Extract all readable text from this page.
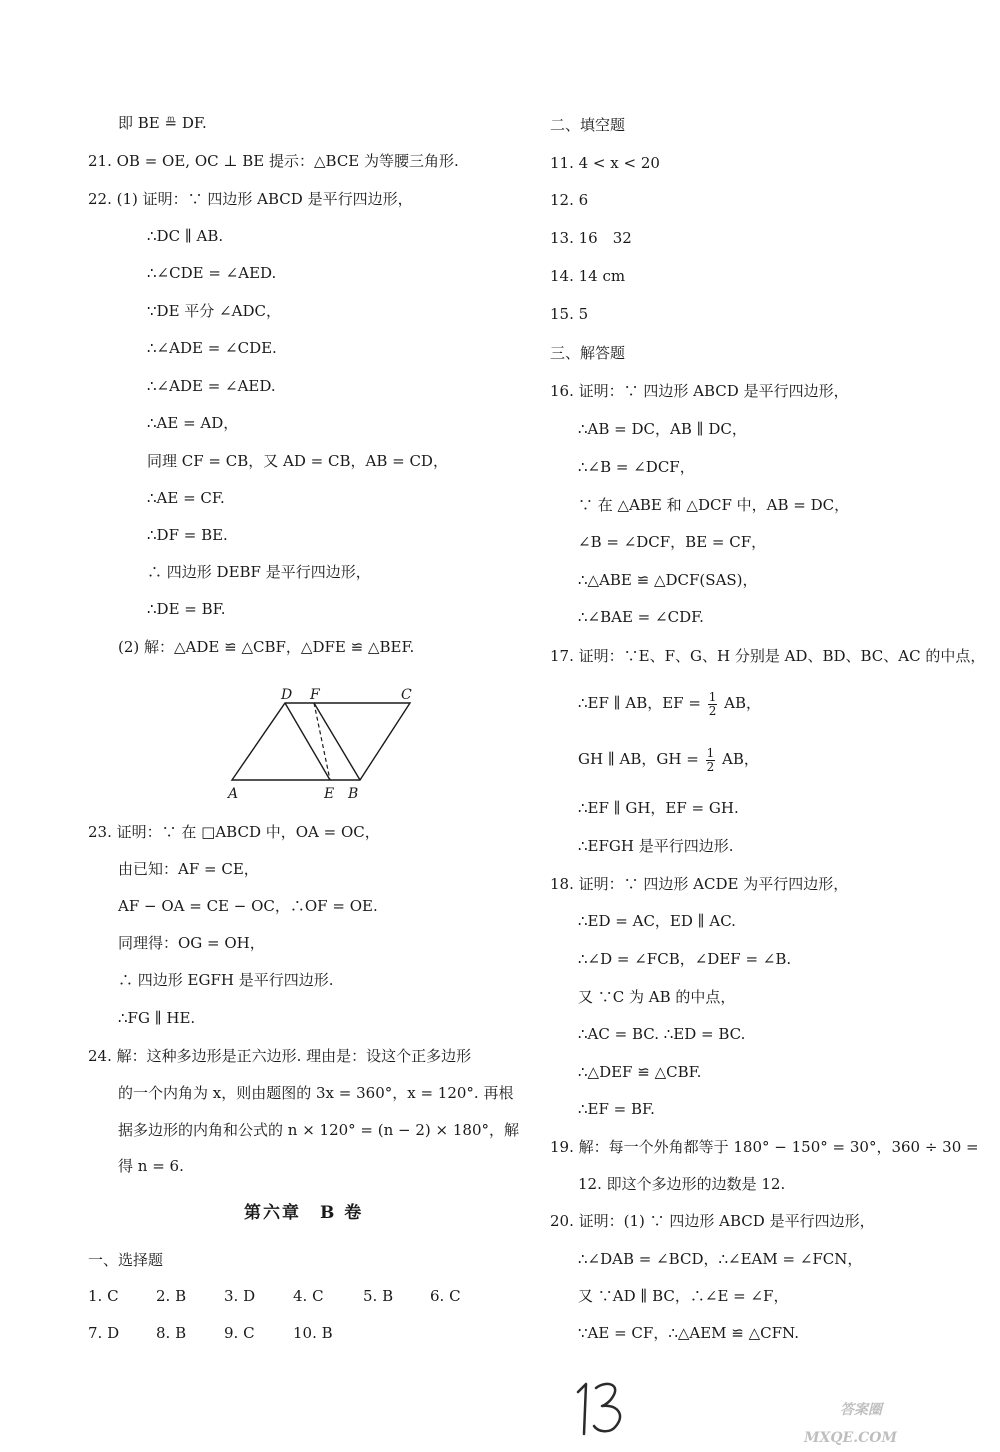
即 BE ≞ DF.
21. OB = OE, OC ⊥ BE 提示：△BCE 为等腰三角形.
22. (1) 证明：∵ 四边形 ABCD 是平行四边形，
∴DC ∥ AB.
∴∠CDE = ∠AED.
∵DE 平分 ∠ADC，
∴∠ADE = ∠CDE.
∴∠ADE = ∠AED.
∴AE = AD，
同理 CF = CB，又 AD = CB，AB = CD，
∴AE = CF.
∴DF = BE.
∴ 四边形 DEBF 是平行四边形，
∴DE = BF.
(2) 解：△ADE ≌ △CBF，△DFE ≌ △BEF.
D F	C
A	E B
23. 证明：∵ 在 □ABCD 中，OA = OC，
由已知：AF = CE，
AF − OA = CE − OC，∴OF = OE.
同理得：OG = OH，
∴ 四边形 EGFH 是平行四边形.
∴FG ∥ HE.
24. 解：这种多边形是正六边形. 理由是：设这个正多边形
的一个内角为 x，则由题图的 3x = 360°，x = 120°. 再根
据多边形的内角和公式的 n × 120° = (n − 2) × 180°，解
得 n = 6.
第六章　B 卷
一、选择题
1. C 2. B	3. D	4. C	5. B 6. C
7. D 8. B	9. C	10. B
二、填空题
11. 4 < x < 20
12. 6
13. 16　32
14. 14 cm
15. 5
三、解答题
16. 证明：∵ 四边形 ABCD 是平行四边形，
∴AB = DC，AB ∥ DC，
∴∠B = ∠DCF，
∵ 在 △ABE 和 △DCF 中，AB = DC，
∠B = ∠DCF，BE = CF，
∴△ABE ≌ △DCF(SAS)，
∴∠BAE = ∠CDF.
17. 证明：∵E、F、G、H 分别是 AD、BD、BC、AC 的中点，
∴EF ∥ AB，EF = $\frac{1}{2}$ AB，
GH ∥ AB，GH = $\frac{1}{2}$ AB，
∴EF ∥ GH，EF = GH.
∴EFGH 是平行四边形.
18. 证明：∵ 四边形 ACDE 为平行四边形，
∴ED = AC，ED ∥ AC.
∴∠D = ∠FCB，∠DEF = ∠B.
又 ∵C 为 AB 的中点，
∴AC = BC. ∴ED = BC.
∴△DEF ≌ △CBF.
∴EF = BF.
19. 解：每一个外角都等于 180° − 150° = 30°，360 ÷ 30 =
12. 即这个多边形的边数是 12.
20. 证明：(1) ∵ 四边形 ABCD 是平行四边形，
∴∠DAB = ∠BCD，∴∠EAM = ∠FCN，
又 ∵AD ∥ BC，∴∠E = ∠F，
∵AE = CF，∴△AEM ≌ △CFN.
答案圈
MXQE.COM
